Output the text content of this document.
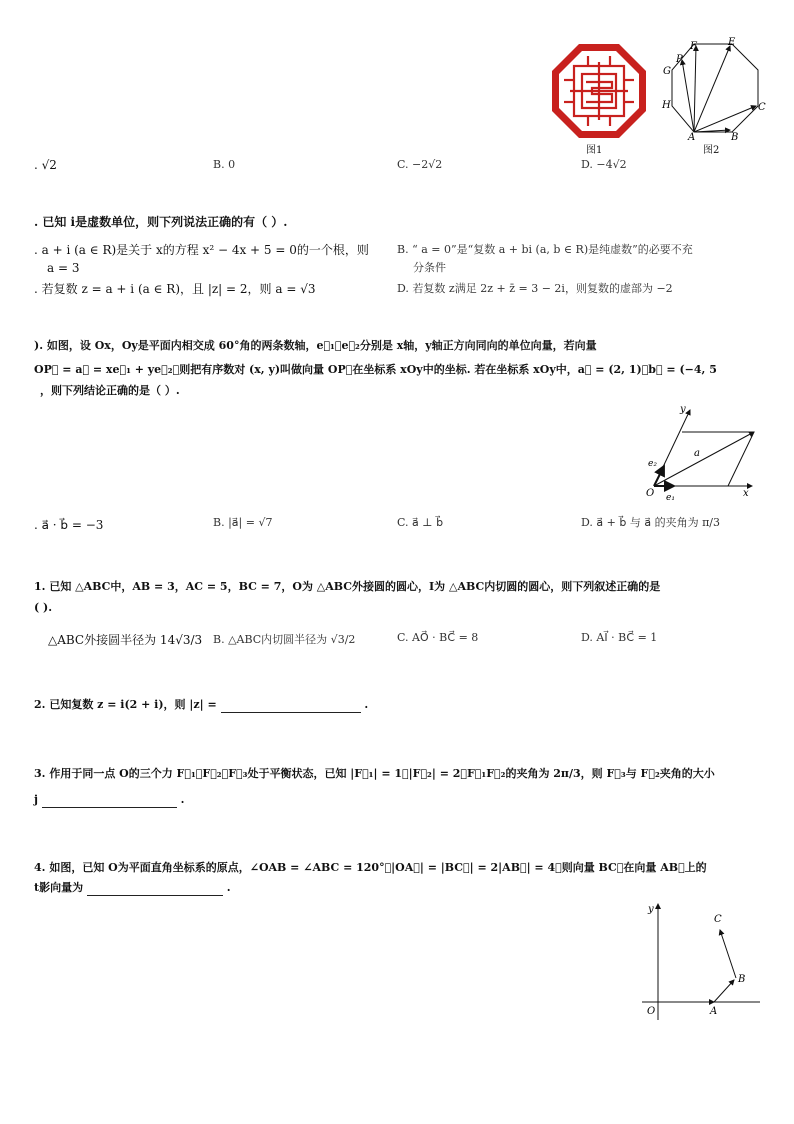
图1
F	E
P
G
H
A	B
C
图2
. √2	B. 0	C. −2√2	D. −4√2
. 已知 i是虚数单位，则下列说法正确的有（ ）.
. a + i (a ∈ R)是关于 x的方程 x² − 4x + 5 = 0的一个根，则
a = 3
B. “ a = 0”是“复数 a + bi (a, b ∈ R)是纯虚数”的必要不充
分条件
. 若复数 z = a + i (a ∈ R)，且 |z| = 2，则 a = √3	D. 若复数 z满足 2z + z̄ = 3 − 2i，则复数的虚部为 −2
). 如图，设 Ox，Oy是平面内相交成 60°角的两条数轴，e⃗₁，e⃗₂分别是 x轴，y轴正方向同向的单位向量，若向量
OP⃗ = a⃗ = xe⃗₁ + ye⃗₂，则把有序数对 (x, y)叫做向量 OP⃗在坐标系 xOy中的坐标. 若在坐标系 xOy中，a⃗ = (2, 1)，b⃗ = (−4, 5
，则下列结论正确的是（ ）.
y
x
O
e₂
e₁
a
. a⃗ · b⃗ = −3	B. |a⃗| = √7	C. a⃗ ⊥ b⃗	D. a⃗ + b⃗ 与 a⃗ 的夹角为 π/3
1. 已知 △ABC中，AB = 3，AC = 5，BC = 7，O为 △ABC外接圆的圆心，I为 △ABC内切圆的圆心，则下列叙述正确的是
( ).
△ABC外接圆半径为 14√3/3 B. △ABC内切圆半径为 √3/2	C. AO⃗ · BC⃗ = 8	D. AI⃗ · BC⃗ = 1
2. 已知复数 z = i(2 + i)，则 |z| =	.
3. 作用于同一点 O的三个力 F⃗₁，F⃗₂，F⃗₃处于平衡状态，已知 |F⃗₁| = 1，|F⃗₂| = 2，F⃗₁F⃗₂的夹角为 2π/3，则 F⃗₃与 F⃗₂夹角的大小
j	.
4. 如图，已知 O为平面直角坐标系的原点，∠OAB = ∠ABC = 120°，|OA⃗| = |BC⃗| = 2|AB⃗| = 4，则向量 BC⃗在向量 AB⃗上的
t影向量为	.
y
C
B
O	A
